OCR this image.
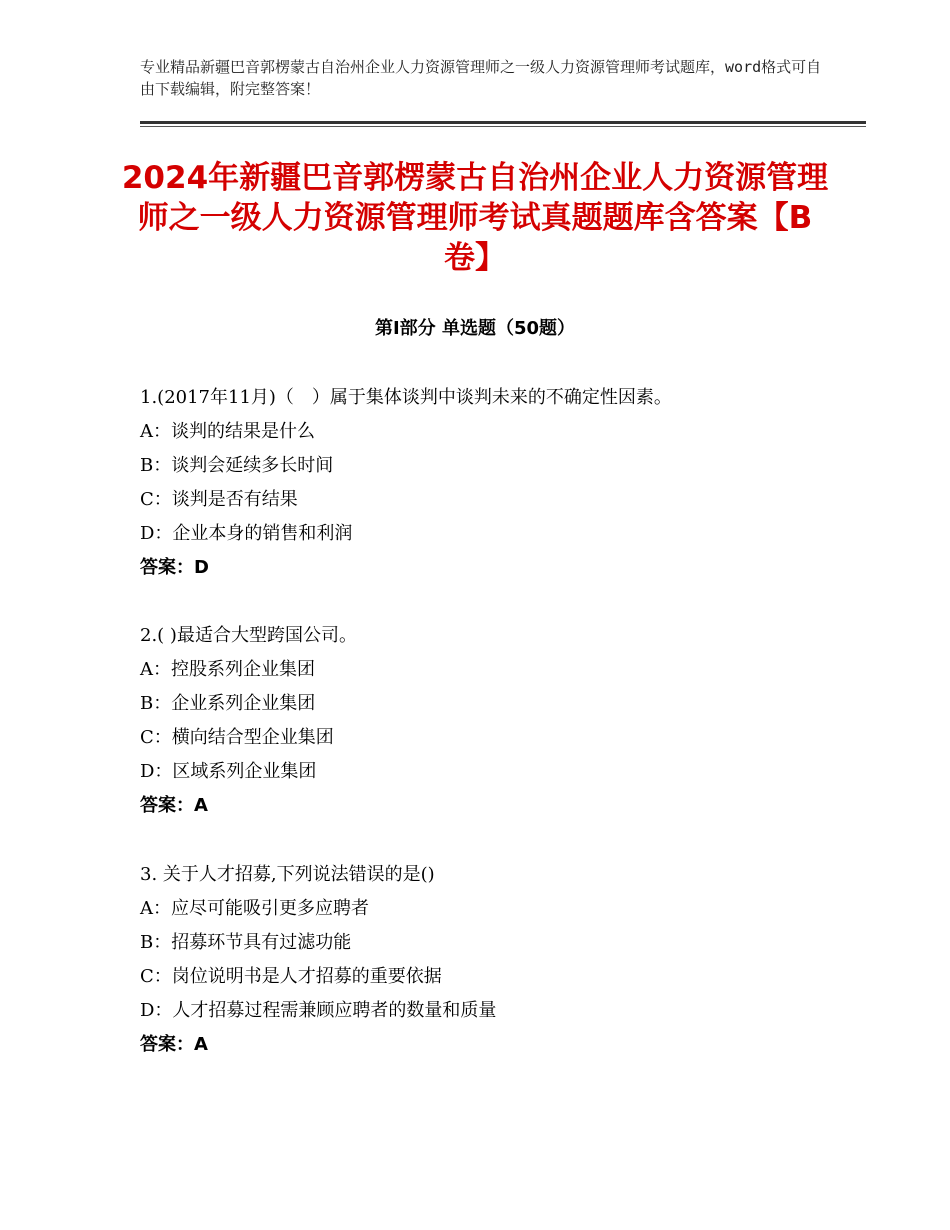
专业精品新疆巴音郭楞蒙古自治州企业人力资源管理师之一级人力资源管理师考试题库，word格式可自由下载编辑，附完整答案！
2024年新疆巴音郭楞蒙古自治州企业人力资源管理师之一级人力资源管理师考试真题题库含答案【B卷】
第Ⅰ部分 单选题（50题）
1.(2017年11月)（　）属于集体谈判中谈判未来的不确定性因素。
A：谈判的结果是什么
B：谈判会延续多长时间
C：谈判是否有结果
D：企业本身的销售和利润
答案：D
2.( )最适合大型跨国公司。
A：控股系列企业集团
B：企业系列企业集团
C：横向结合型企业集团
D：区域系列企业集团
答案：A
3. 关于人才招募,下列说法错误的是()
A：应尽可能吸引更多应聘者
B：招募环节具有过滤功能
C：岗位说明书是人才招募的重要依据
D：人才招募过程需兼顾应聘者的数量和质量
答案：A
